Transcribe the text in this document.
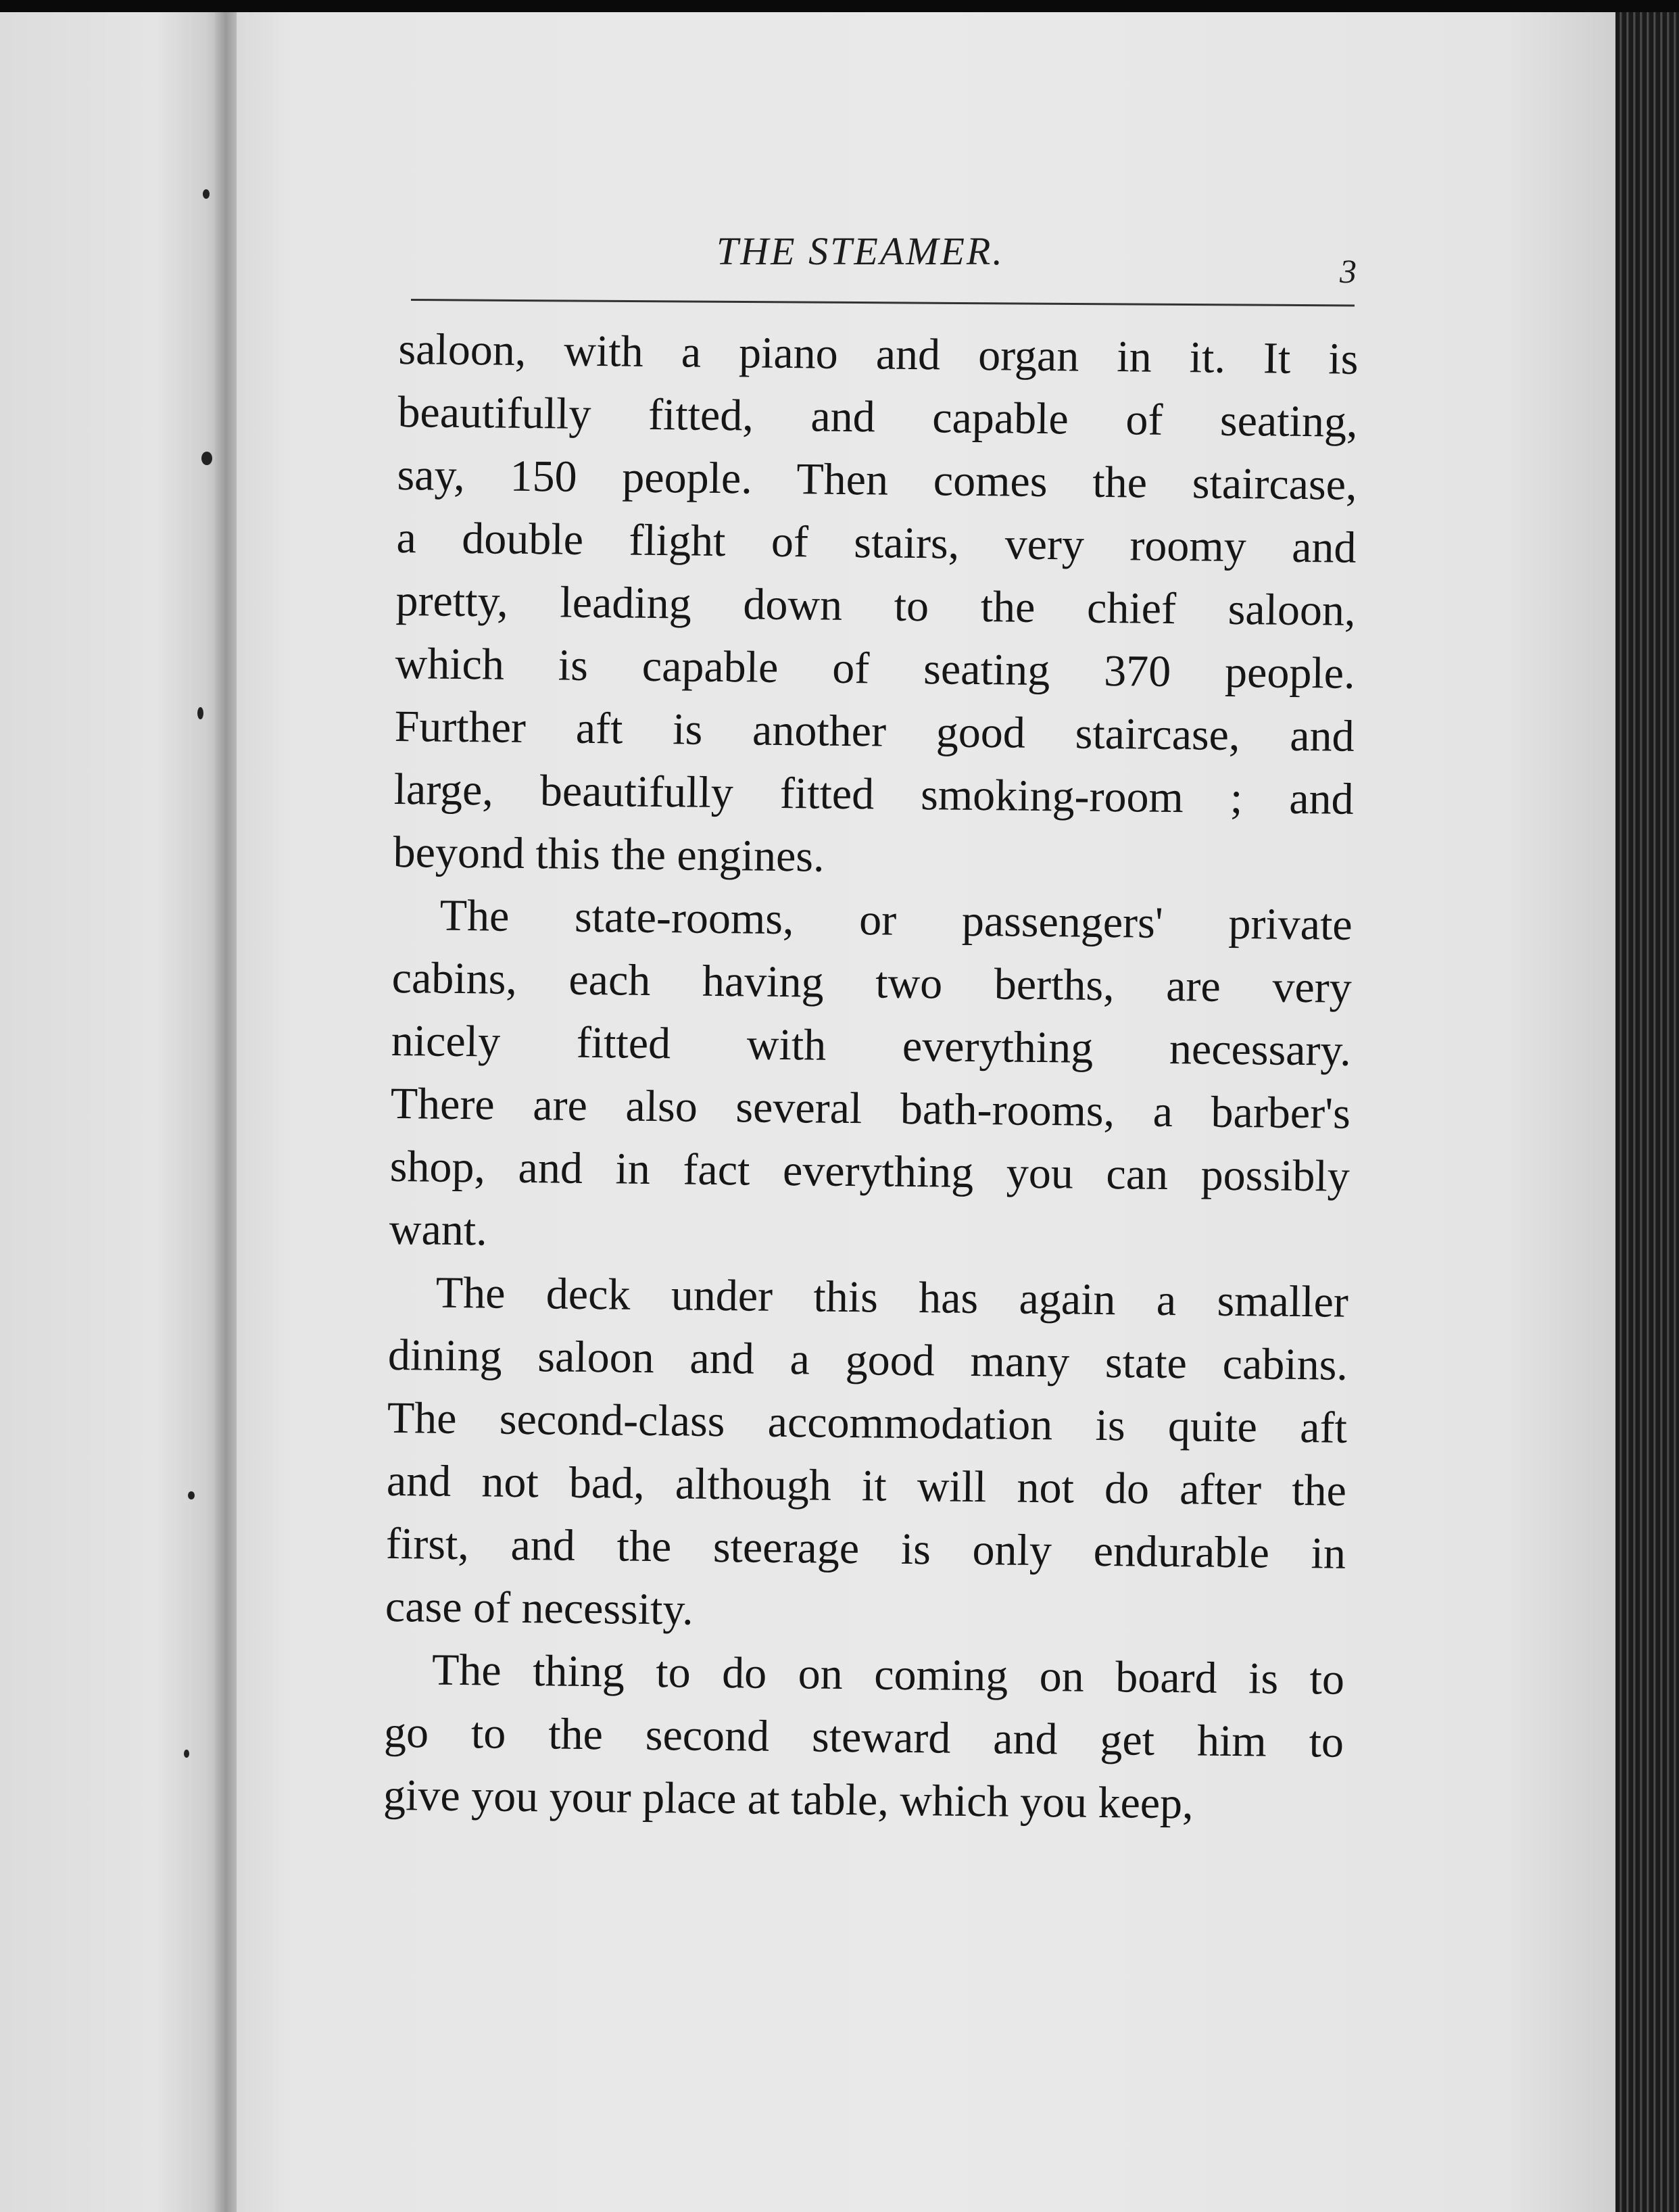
THE STEAMER.	3
saloon, with a piano and organ in it. It is
beautifully fitted, and capable of seating,
say, 150 people. Then comes the staircase,
a double flight of stairs, very roomy and
pretty, leading down to the chief saloon,
which is capable of seating 370 people.
Further aft is another good staircase, and
large, beautifully fitted smoking-room ; and
beyond this the engines.
The state-rooms, or passengers' private
cabins, each having two berths, are very
nicely fitted with everything necessary.
There are also several bath-rooms, a barber's
shop, and in fact everything you can possibly
want.
The deck under this has again a smaller
dining saloon and a good many state cabins.
The second-class accommodation is quite aft
and not bad, although it will not do after the
first, and the steerage is only endurable in
case of necessity.
The thing to do on coming on board is to
go to the second steward and get him to
give you your place at table, which you keep,
